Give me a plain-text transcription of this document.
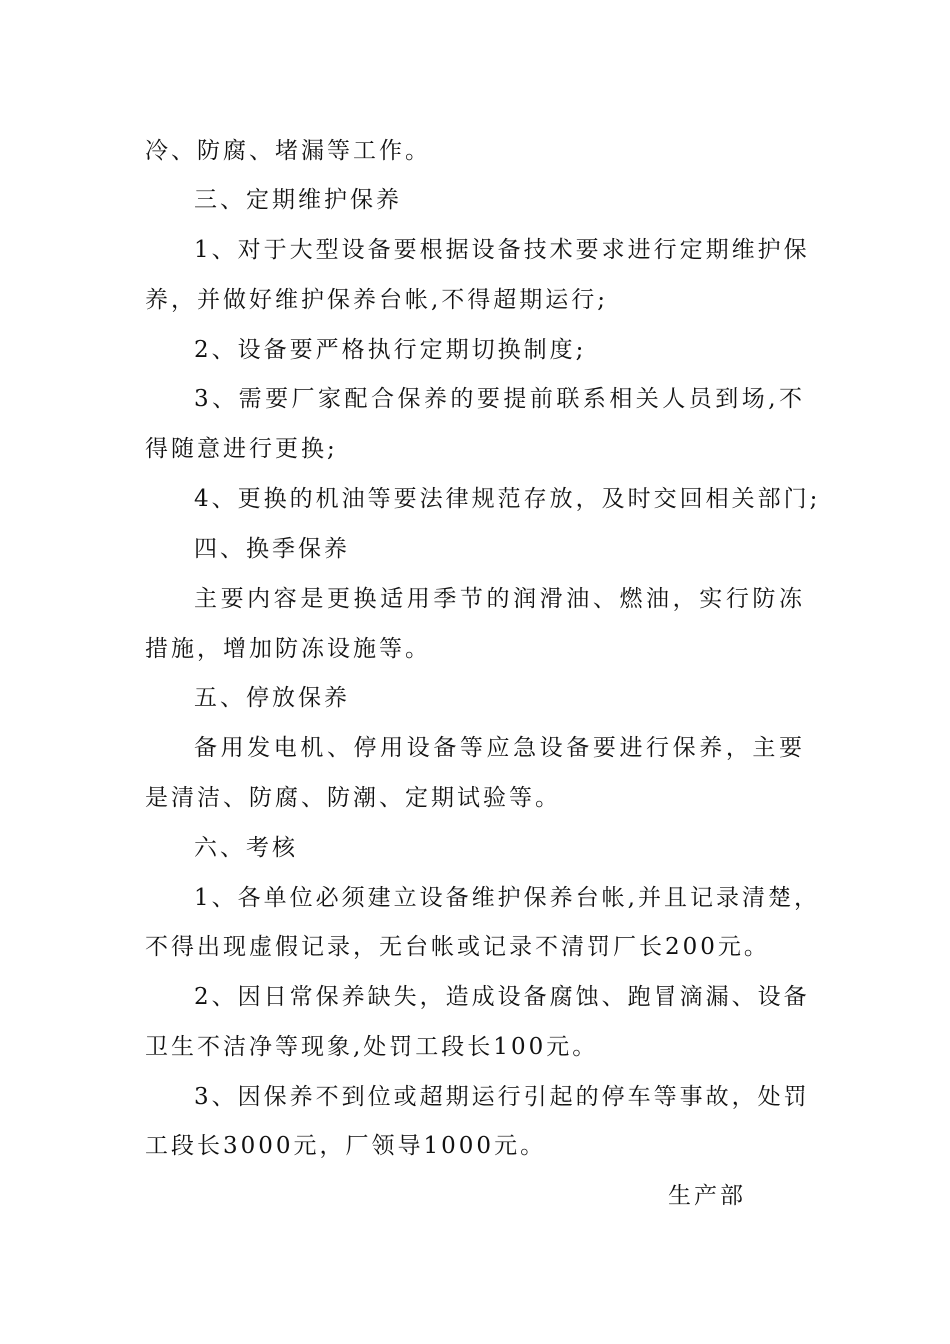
冷、防腐、堵漏等工作。
三、定期维护保养
1、对于大型设备要根据设备技术要求进行定期维护保
养，并做好维护保养台帐,不得超期运行;
2、设备要严格执行定期切换制度;
3、需要厂家配合保养的要提前联系相关人员到场,不
得随意进行更换;
4、更换的机油等要法律规范存放，及时交回相关部门;
四、换季保养
主要内容是更换适用季节的润滑油、燃油，实行防冻
措施，增加防冻设施等。
五、停放保养
备用发电机、停用设备等应急设备要进行保养，主要
是清洁、防腐、防潮、定期试验等。
六、考核
1、各单位必须建立设备维护保养台帐,并且记录清楚，
不得出现虚假记录，无台帐或记录不清罚厂长200元。
2、因日常保养缺失，造成设备腐蚀、跑冒滴漏、设备
卫生不洁净等现象,处罚工段长100元。
3、因保养不到位或超期运行引起的停车等事故，处罚
工段长3000元，厂领导1000元。
生产部
